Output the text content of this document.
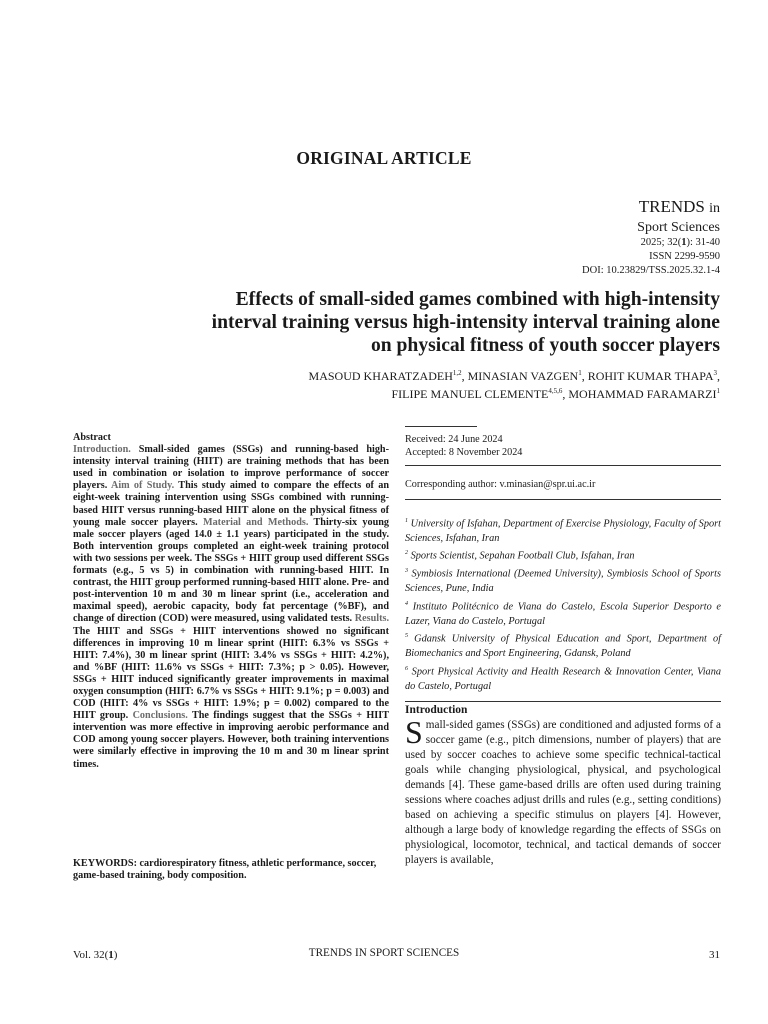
ORIGINAL ARTICLE
TRENDS in
Sport Sciences
2025; 32(1): 31-40
ISSN 2299-9590
DOI: 10.23829/TSS.2025.32.1-4
Effects of small-sided games combined with high-intensity
interval training versus high-intensity interval training alone
on physical fitness of youth soccer players
MASOUD KHARATZADEH$^{1,2}$, MINASIAN VAZGEN$^1$, ROHIT KUMAR THAPA$^3$,
FILIPE MANUEL CLEMENTE$^{4,5,6}$, MOHAMMAD FARAMARZI$^1$
Abstract

Introduction. Small-sided games (SSGs) and running-based high-intensity interval training (HIIT) are training methods that has been used in combination or isolation to improve performance of soccer players. Aim of Study. This study aimed to compare the effects of an eight-week training intervention using SSGs combined with running-based HIIT versus running-based HIIT alone on the physical fitness of young male soccer players. Material and Methods. Thirty-six young male soccer players (aged 14.0 ± 1.1 years) participated in the study. Both intervention groups completed an eight-week training protocol with two sessions per week. The SSGs + HIIT group used different SSGs formats (e.g., 5 vs 5) in combination with running-based HIIT. In contrast, the HIIT group performed running-based HIIT alone. Pre- and post-intervention 10 m and 30 m linear sprint (i.e., acceleration and maximal speed), aerobic capacity, body fat percentage (%BF), and change of direction (COD) were measured, using validated tests. Results. The HIIT and SSGs + HIIT interventions showed no significant differences in improving 10 m linear sprint (HIIT: 6.3% vs SSGs + HIIT: 7.4%), 30 m linear sprint (HIIT: 3.4% vs SSGs + HIIT: 4.2%), and %BF (HIIT: 11.6% vs SSGs + HIIT: 7.3%; p > 0.05). However, SSGs + HIIT induced significantly greater improvements in maximal oxygen consumption (HIIT: 6.7% vs SSGs + HIIT: 9.1%; p = 0.003) and COD (HIIT: 4% vs SSGs + HIIT: 1.9%; p = 0.002) compared to the HIIT group. Conclusions. The findings suggest that the SSGs + HIIT intervention was more effective in improving aerobic performance and COD among young soccer players. However, both training interventions were similarly effective in improving the 10 m and 30 m linear sprint times.

KEYWORDS: cardiorespiratory fitness, athletic performance, soccer, game-based training, body composition.
Received: 24 June 2024
Accepted: 8 November 2024
Corresponding author: v.minasian@spr.ui.ac.ir
$^1$ University of Isfahan, Department of Exercise Physiology, Faculty of Sport Sciences, Isfahan, Iran
$^2$ Sports Scientist, Sepahan Football Club, Isfahan, Iran
$^3$ Symbiosis International (Deemed University), Symbiosis School of Sports Sciences, Pune, India
$^4$ Instituto Politécnico de Viana do Castelo, Escola Superior Desporto e Lazer, Viana do Castelo, Portugal
$^5$ Gdansk University of Physical Education and Sport, Department of Biomechanics and Sport Engineering, Gdansk, Poland
$^6$ Sport Physical Activity and Health Research & Innovation Center, Viana do Castelo, Portugal
Introduction
Small-sided games (SSGs) are conditioned and adjusted forms of a soccer game (e.g., pitch dimensions, number of players) that are used by soccer coaches to achieve some specific technical-tactical goals while changing physiological, physical, and psychological demands [4]. These game-based drills are often used during training sessions where coaches adjust drills and rules (e.g., setting conditions) based on achieving a specific stimulus on players [4]. However, although a large body of knowledge regarding the effects of SSGs on physiological, locomotor, technical, and tactical demands of soccer players is available,
Vol. 32(1)	TRENDS IN SPORT SCIENCES	31
